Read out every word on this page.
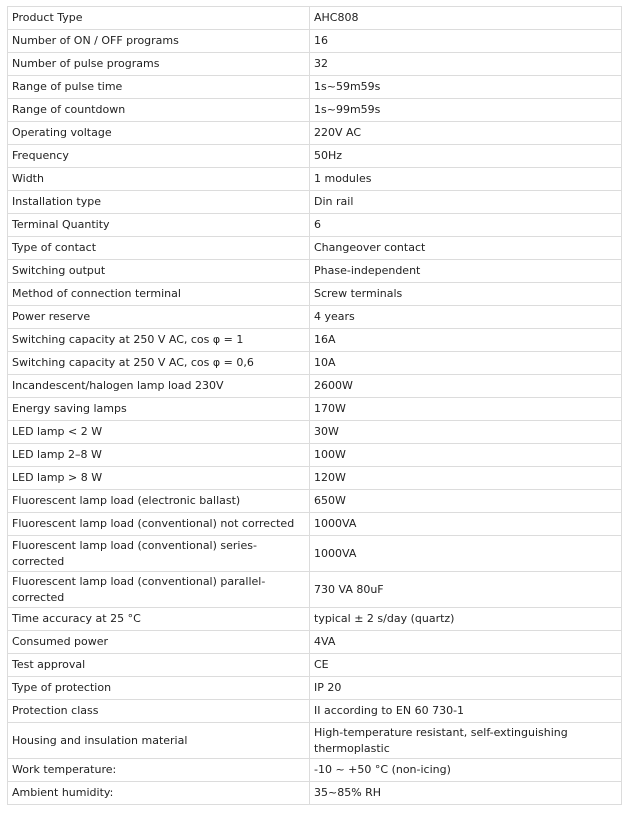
Product Type	AHC808
Number of ON / OFF programs	16
Number of pulse programs	32
Range of pulse time	1s~59m59s
Range of countdown	1s~99m59s
Operating voltage	220V AC
Frequency	50Hz
Width	1 modules
Installation type	Din rail
Terminal Quantity	6
Type of contact	Changeover contact
Switching output	Phase-independent
Method of connection terminal	Screw terminals
Power reserve	4 years
Switching capacity at 250 V AC, cos φ = 1	16A
Switching capacity at 250 V AC, cos φ = 0,6	10A
Incandescent/halogen lamp load 230V	2600W
Energy saving lamps	170W
LED lamp < 2 W	30W
LED lamp 2–8 W	100W
LED lamp > 8 W	120W
Fluorescent lamp load (electronic ballast)	650W
Fluorescent lamp load (conventional) not corrected	1000VA
Fluorescent lamp load (conventional) series-corrected	1000VA
Fluorescent lamp load (conventional) parallel-corrected	730 VA 80uF
Time accuracy at 25 °C	typical ± 2 s/day (quartz)
Consumed power	4VA
Test approval	CE
Type of protection	IP 20
Protection class	II according to EN 60 730-1
Housing and insulation material	High-temperature resistant, self-extinguishing thermoplastic
Work temperature:	-10 ~ +50 °C (non-icing)
Ambient humidity:	35~85% RH
